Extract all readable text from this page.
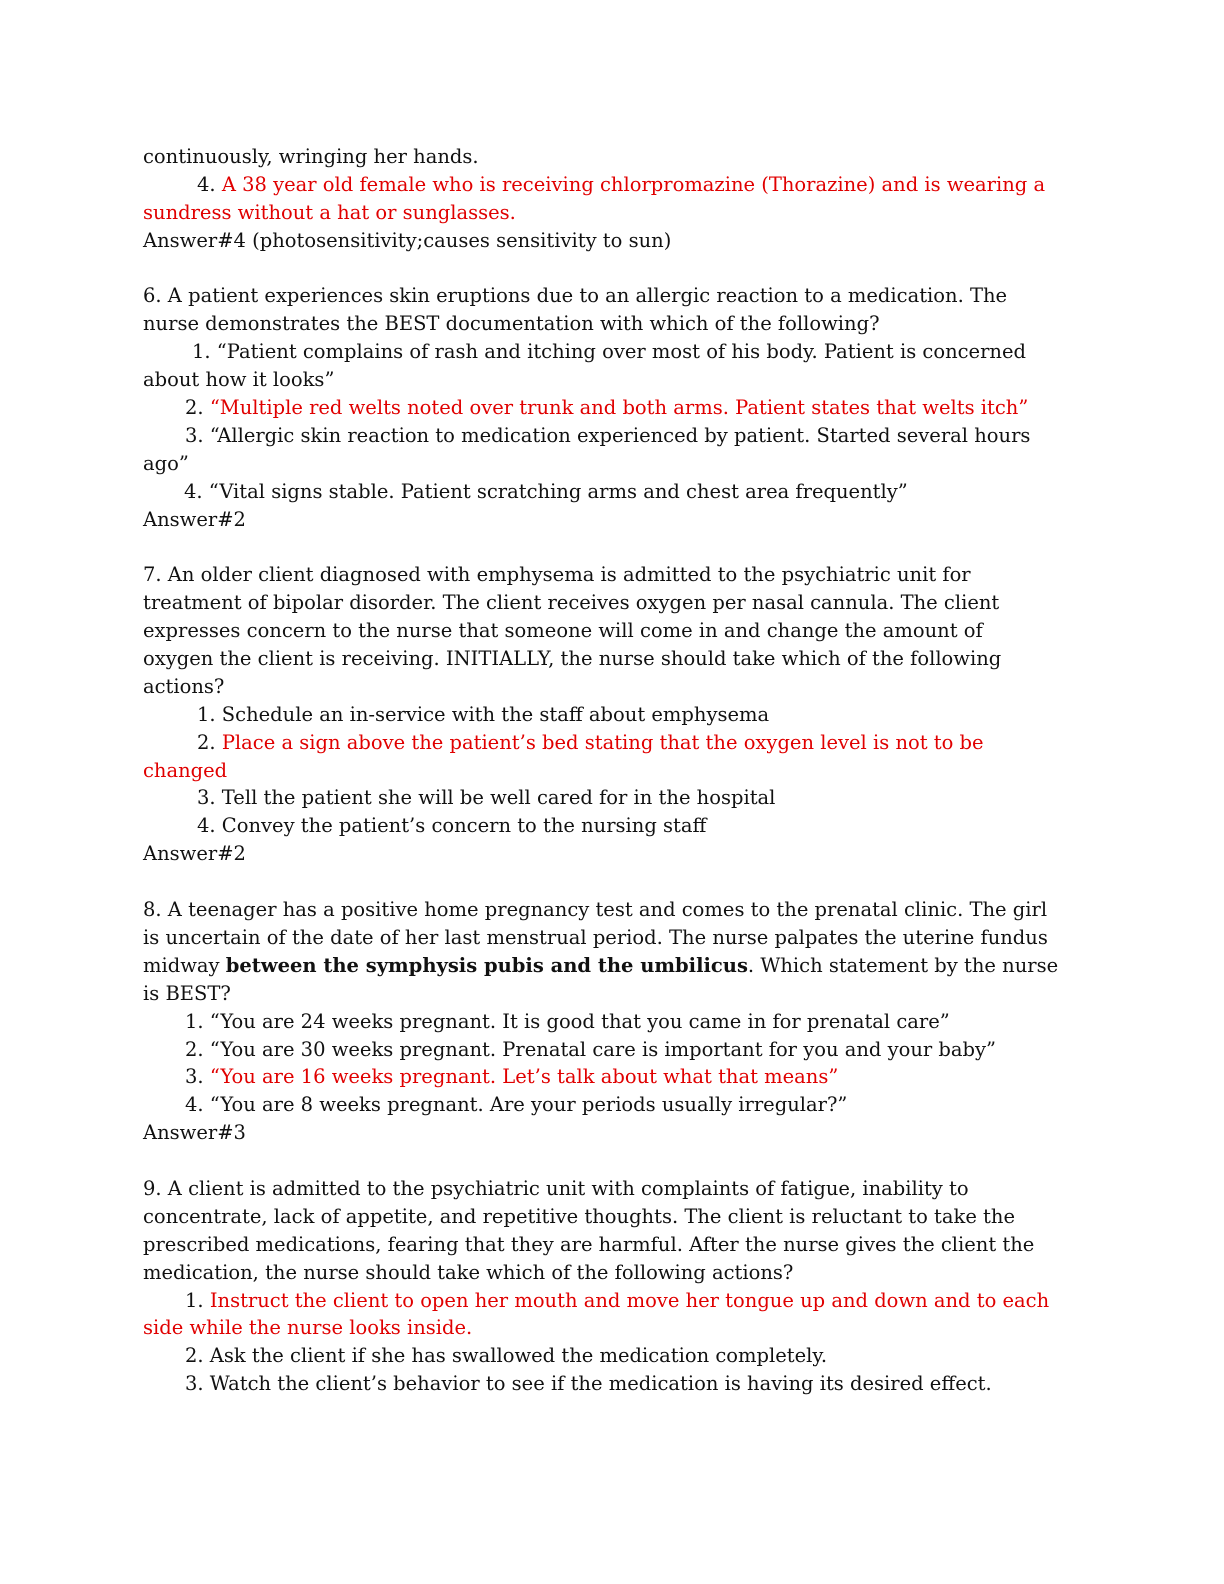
continuously, wringing her hands.
4. A 38 year old female who is receiving chlorpromazine (Thorazine) and is wearing a
sundress without a hat or sunglasses.
Answer#4 (photosensitivity;causes sensitivity to sun)
6. A patient experiences skin eruptions due to an allergic reaction to a medication. The
nurse demonstrates the BEST documentation with which of the following?
1. “Patient complains of rash and itching over most of his body. Patient is concerned
about how it looks”
2. “Multiple red welts noted over trunk and both arms. Patient states that welts itch”
3. “Allergic skin reaction to medication experienced by patient. Started several hours
ago”
4. “Vital signs stable. Patient scratching arms and chest area frequently”
Answer#2
7. An older client diagnosed with emphysema is admitted to the psychiatric unit for
treatment of bipolar disorder. The client receives oxygen per nasal cannula. The client
expresses concern to the nurse that someone will come in and change the amount of
oxygen the client is receiving. INITIALLY, the nurse should take which of the following
actions?
1. Schedule an in-service with the staff about emphysema
2. Place a sign above the patient’s bed stating that the oxygen level is not to be
changed
3. Tell the patient she will be well cared for in the hospital
4. Convey the patient’s concern to the nursing staff
Answer#2
8. A teenager has a positive home pregnancy test and comes to the prenatal clinic. The girl
is uncertain of the date of her last menstrual period. The nurse palpates the uterine fundus
midway between the symphysis pubis and the umbilicus. Which statement by the nurse
is BEST?
1. “You are 24 weeks pregnant. It is good that you came in for prenatal care”
2. “You are 30 weeks pregnant. Prenatal care is important for you and your baby”
3. “You are 16 weeks pregnant. Let’s talk about what that means”
4. “You are 8 weeks pregnant. Are your periods usually irregular?”
Answer#3
9. A client is admitted to the psychiatric unit with complaints of fatigue, inability to
concentrate, lack of appetite, and repetitive thoughts. The client is reluctant to take the
prescribed medications, fearing that they are harmful. After the nurse gives the client the
medication, the nurse should take which of the following actions?
1. Instruct the client to open her mouth and move her tongue up and down and to each
side while the nurse looks inside.
2. Ask the client if she has swallowed the medication completely.
3. Watch the client’s behavior to see if the medication is having its desired effect.
